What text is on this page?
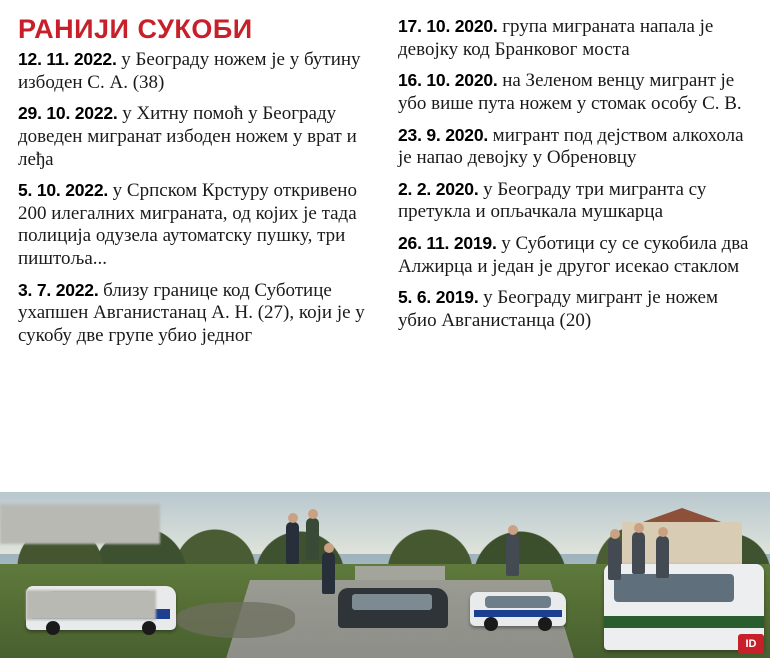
РАНИЈИ СУКОБИ

12. 11. 2022. у Београду ножем је у бутину избоден С. А. (38)

29. 10. 2022. у Хитну помоћ у Београду доведен мигранат избоден ножем у врат и леђа

5. 10. 2022. у Српском Крстуру откривено 200 илегалних миграната, од којих је тада полиција одузела аутоматску пушку, три пиштоља...

3. 7. 2022. близу границе код Суботице ухапшен Авганистанац А. Н. (27), који је у сукобу две групе убио једног

17. 10. 2020. група миграната напала је девојку код Бранковог моста

16. 10. 2020. на Зеленом венцу мигрант је убо више пута ножем у стомак особу С. В.

23. 9. 2020. мигрант под дејством алкохола је напао девојку у Обреновцу

2. 2. 2020. у Београду три мигранта су претукла и опљачкала мушкарца

26. 11. 2019. у Суботици су се сукобила два Алжирца и један је другог исекао стаклом

5. 6. 2019. у Београду мигрант је ножем убио Авганистанца (20)

ID
